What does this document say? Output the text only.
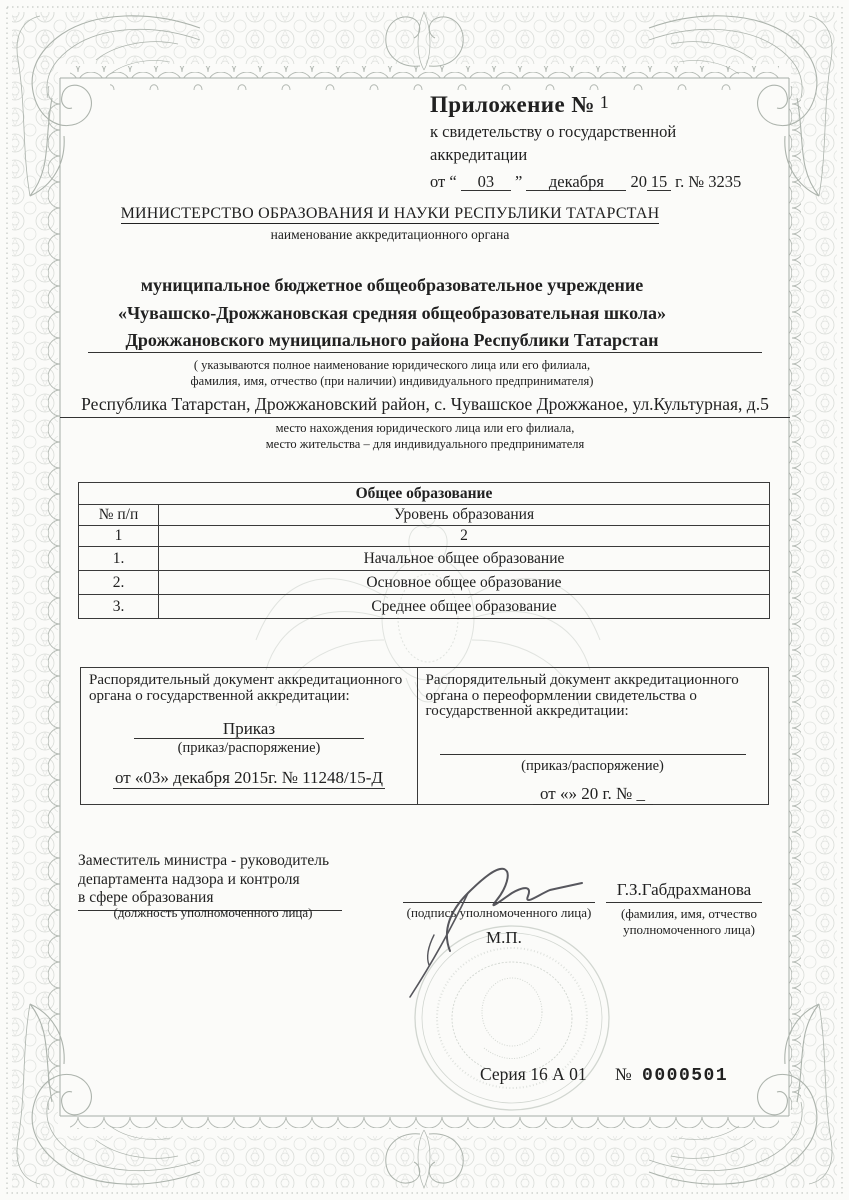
Приложение № 1
к свидетельству о государственной
аккредитации
от “ 03 ” декабря 20 15 г. № 3235
МИНИСТЕРСТВО ОБРАЗОВАНИЯ И НАУКИ РЕСПУБЛИКИ ТАТАРСТАН
наименование аккредитационного органа
муниципальное бюджетное общеобразовательное учреждение
«Чувашско-Дрожжановская средняя общеобразовательная школа»
Дрожжановского муниципального района Республики Татарстан
( указываются полное наименование юридического лица или его филиала,
фамилия, имя, отчество (при наличии) индивидуального предпринимателя)
Республика Татарстан, Дрожжановский район, с. Чувашское Дрожжаное, ул.Культурная, д.5
место нахождения юридического лица или его филиала,
место жительства – для индивидуального предпринимателя
Общее образование	
№ п/п	Уровень образования
1	2
1.	Начальное общее образование
2.	Основное общее образование
3.	Среднее общее образование
Распорядительный документ аккредитационного
органа о государственной аккредитации:
Приказ
(приказ/распоряжение)
от «03» декабря 2015г. № 11248/15-Д
Распорядительный документ аккредитационного
органа о переоформлении свидетельства о
государственной аккредитации:
(приказ/распоряжение)
от «» 20 г. № _
Заместитель министра - руководитель
департамента надзора и контроля
в сфере образования
(должность уполномоченного лица)	(подпись уполномоченного лица)
М.П.
Г.З.Габдрахманова
(фамилия, имя, отчество
уполномоченного лица)
Серия 16 А 01 № 0000501
